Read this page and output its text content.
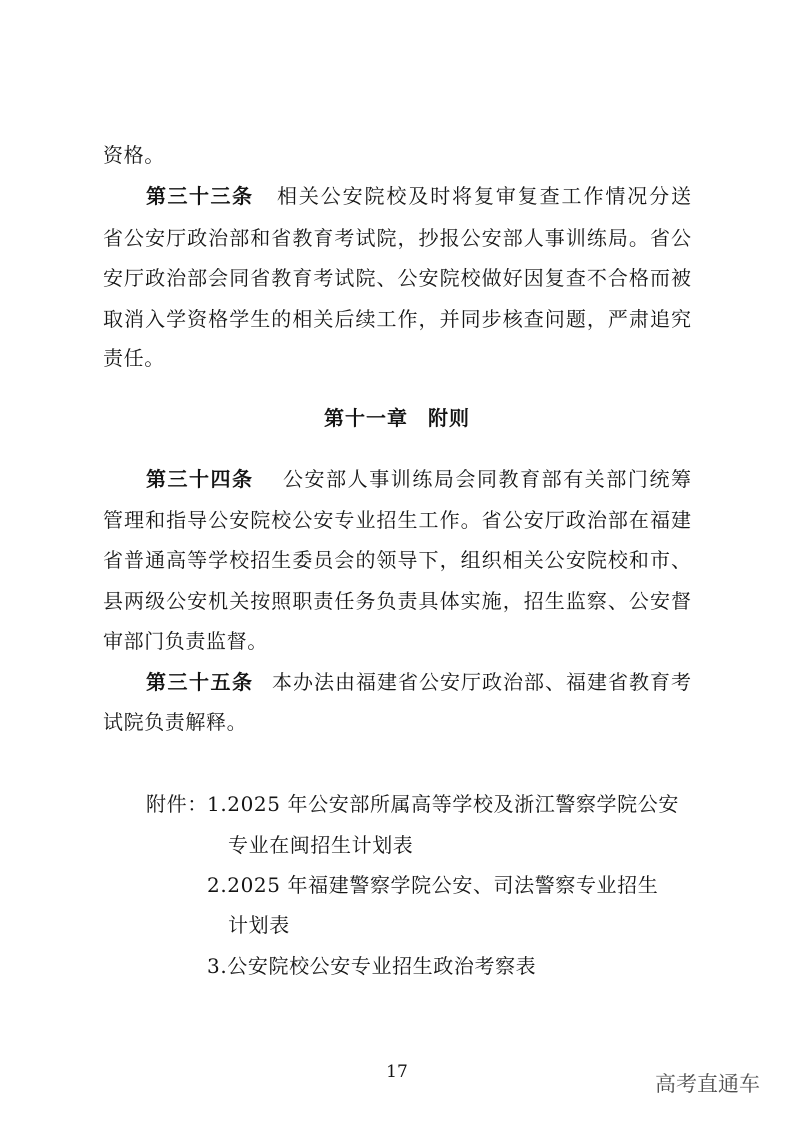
资格。
第三十三条 相关公安院校及时将复审复查工作情况分送
省公安厅政治部和省教育考试院，抄报公安部人事训练局。省公
安厅政治部会同省教育考试院、公安院校做好因复查不合格而被
取消入学资格学生的相关后续工作，并同步核查问题，严肃追究
责任。
第十一章 附则
第三十四条 公安部人事训练局会同教育部有关部门统筹
管理和指导公安院校公安专业招生工作。省公安厅政治部在福建
省普通高等学校招生委员会的领导下，组织相关公安院校和市、
县两级公安机关按照职责任务负责具体实施，招生监察、公安督
审部门负责监督。
第三十五条 本办法由福建省公安厅政治部、福建省教育考
试院负责解释。
附件： 1.2025 年公安部所属高等学校及浙江警察学院公安
专业在闽招生计划表
2.2025 年福建警察学院公安、司法警察专业招生
计划表
3.公安院校公安专业招生政治考察表
17	高考直通车
